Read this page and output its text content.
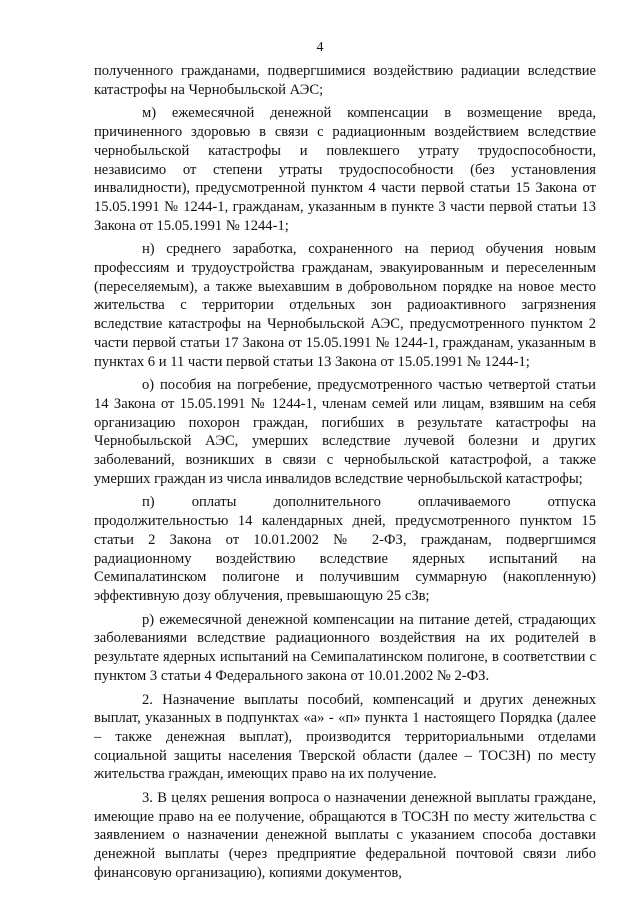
4

полученного гражданами, подвергшимися воздействию радиации вследствие катастрофы на Чернобыльской АЭС;

м) ежемесячной денежной компенсации в возмещение вреда, причиненного здоровью в связи с радиационным воздействием вследствие чернобыльской катастрофы и повлекшего утрату трудоспособности, независимо от степени утраты трудоспособности (без установления инвалидности), предусмотренной пунктом 4 части первой статьи 15 Закона от 15.05.1991 № 1244-1, гражданам, указанным в пункте 3 части первой статьи 13 Закона от 15.05.1991 № 1244-1;

н) среднего заработка, сохраненного на период обучения новым профессиям и трудоустройства гражданам, эвакуированным и переселенным (переселяемым), а также выехавшим в добровольном порядке на новое место жительства с территории отдельных зон радиоактивного загрязнения вследствие катастрофы на Чернобыльской АЭС, предусмотренного пунктом 2 части первой статьи 17 Закона от 15.05.1991 № 1244-1, гражданам, указанным в пунктах 6 и 11 части первой статьи 13 Закона от 15.05.1991 № 1244-1;

о) пособия на погребение, предусмотренного частью четвертой статьи 14 Закона от 15.05.1991 № 1244-1, членам семей или лицам, взявшим на себя организацию похорон граждан, погибших в результате катастрофы на Чернобыльской АЭС, умерших вследствие лучевой болезни и других заболеваний, возникших в связи с чернобыльской катастрофой, а также умерших граждан из числа инвалидов вследствие чернобыльской катастрофы;

п) оплаты дополнительного оплачиваемого отпуска продолжительностью 14 календарных дней, предусмотренного пунктом 15 статьи 2 Закона от 10.01.2002 № 2-ФЗ, гражданам, подвергшимся радиационному воздействию вследствие ядерных испытаний на Семипалатинском полигоне и получившим суммарную (накопленную) эффективную дозу облучения, превышающую 25 сЗв;

р) ежемесячной денежной компенсации на питание детей, страдающих заболеваниями вследствие радиационного воздействия на их родителей в результате ядерных испытаний на Семипалатинском полигоне, в соответствии с пунктом 3 статьи 4 Федерального закона от 10.01.2002 № 2-ФЗ.

2. Назначение выплаты пособий, компенсаций и других денежных выплат, указанных в подпунктах «а» - «п» пункта 1 настоящего Порядка (далее – также денежная выплат), производится территориальными отделами социальной защиты населения Тверской области (далее – ТОСЗН) по месту жительства граждан, имеющих право на их получение.

3. В целях решения вопроса о назначении денежной выплаты граждане, имеющие право на ее получение, обращаются в ТОСЗН по месту жительства с заявлением о назначении денежной выплаты с указанием способа доставки денежной выплаты (через предприятие федеральной почтовой связи либо финансовую организацию), копиями документов,
